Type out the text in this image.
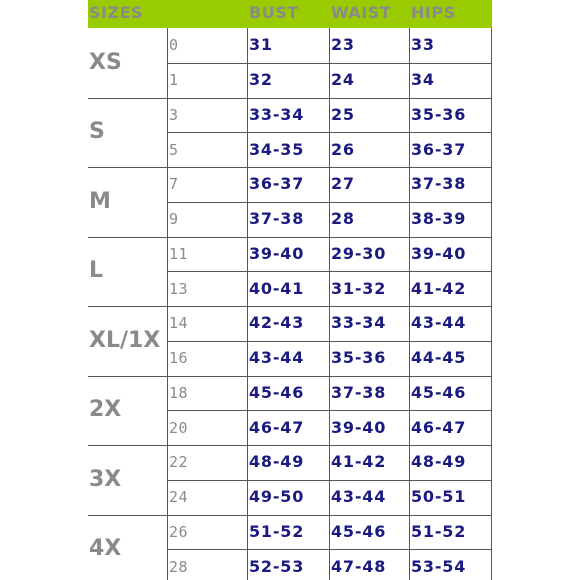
SIZES	BUST WAIST HIPS
XS
0	31	23	33
1	32	24	34
S
3	33-34 25	35-36
5	34-35 26	36-37
M
7	36-37 27	37-38
9	37-38 28	38-39
L
11	39-40 29-30 39-40
13	40-41 31-32 41-42
XL/1X
14	42-43 33-34 43-44
16	43-44 35-36 44-45
2X
18	45-46 37-38 45-46
20	46-47 39-40 46-47
3X
22	48-49 41-42 48-49
24	49-50 43-44 50-51
4X
26	51-52 45-46 51-52
28	52-53 47-48 53-54
